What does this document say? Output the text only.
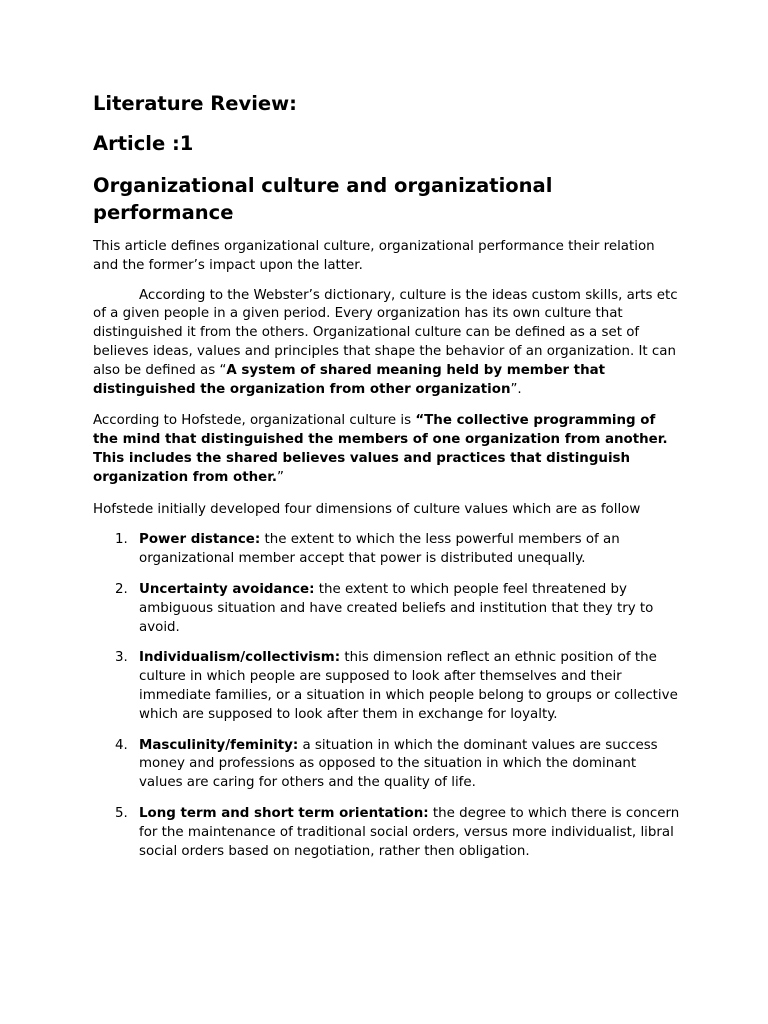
Literature Review:
Article :1
Organizational culture and organizational performance

This article defines organizational culture, organizational performance their relation and the former’s impact upon the latter.

According to the Webster’s dictionary, culture is the ideas custom skills, arts etc of a given people in a given period. Every organization has its own culture that distinguished it from the others. Organizational culture can be defined as a set of believes ideas, values and principles that shape the behavior of an organization. It can also be defined as “A system of shared meaning held by member that distinguished the organization from other organization”.

According to Hofstede, organizational culture is “The collective programming of the mind that distinguished the members of one organization from another. This includes the shared believes values and practices that distinguish organization from other.”

Hofstede initially developed four dimensions of culture values which are as follow

1. Power distance: the extent to which the less powerful members of an organizational member accept that power is distributed unequally.
2. Uncertainty avoidance: the extent to which people feel threatened by ambiguous situation and have created beliefs and institution that they try to avoid.
3. Individualism/collectivism: this dimension reflect an ethnic position of the culture in which people are supposed to look after themselves and their immediate families, or a situation in which people belong to groups or collective which are supposed to look after them in exchange for loyalty.
4. Masculinity/feminity: a situation in which the dominant values are success money and professions as opposed to the situation in which the dominant values are caring for others and the quality of life.
5. Long term and short term orientation: the degree to which there is concern for the maintenance of traditional social orders, versus more individualist, libral social orders based on negotiation, rather then obligation.
